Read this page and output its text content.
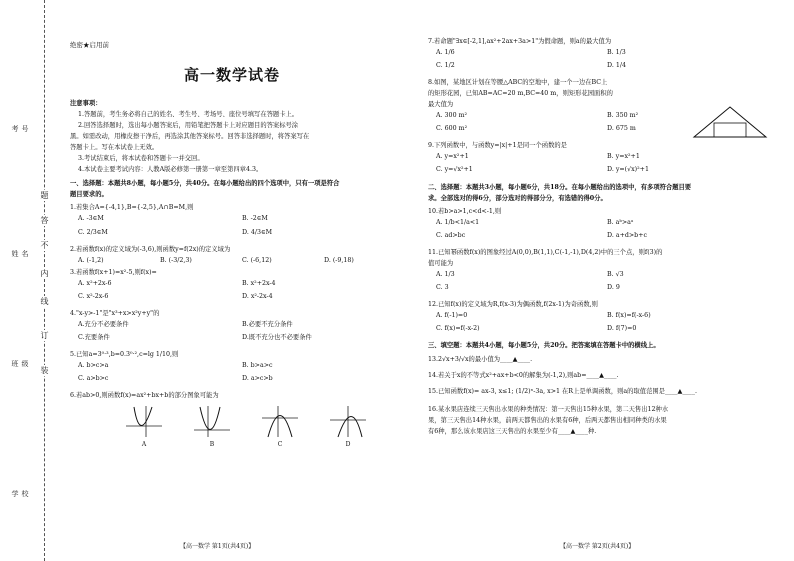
号
考
名
姓
级
班
校
学
题
答
不
内
线
订
装
绝密★启用前
高一数学试卷

注意事项：

1.答题前，考生务必将自己的姓名、考生号、考场号、座位号填写在答题卡上。

2.回答选择题时，选出每小题答案后，用铅笔把答题卡上对应题目的答案标号涂

黑。如需改动，用橡皮擦干净后，再选涂其他答案标号。回答非选择题时，将答案写在

答题卡上。写在本试卷上无效。

3.考试结束后，将本试卷和答题卡一并交回。

4.本试卷主要考试内容：人教A版必修第一册第一章至第四章4.3。

一、选择题：本题共8小题，每小题5分，共40分。在每小题给出的四个选项中，只有一项是符合

题目要求的。

1.若集合A={-4,1},B={-2,5},A∩B=M,则

A. -3∈M	B. -2∈M
C. 2/3∈M	D. 4/3∈M

2.若函数f(x)的定义域为(-3,6),则函数y=f(2x)的定义域为

A. (-1,2)	B. (-3/2,3)	C. (-6,12)	D. (-9,18)

3.若函数f(x+1)=x²-5,则f(x)=

A. x²+2x-6	B. x²+2x-4
C. x²-2x-6	D. x²-2x-4

4."x-y>-1"是"x³+x>x²y+y"的

A.充分不必要条件	B.必要不充分条件
C.充要条件	D.既不充分也不必要条件

5.已知a=3⁰·³,b=0.3⁰·²,c=lg 1/10,则

A. b>c>a	B. b>a>c
C. a>b>c	D. a>c>b

6.若ab>0,则函数f(x)=ax²+bx+b的部分图象可能为

A	B	C	D

7.若命题"∃x∈[-2,1],ax²+2ax+3a>1"为假命题，则a的最大值为

A. 1/6	B. 1/3
C. 1/2	D. 1/4

8.如图，某地区计划在等腰△ABC的空地中，建一个一边在BC上

的矩形花园，已知AB=AC=20 m,BC=40 m，则矩形花园面积的

最大值为

A. 300 m²	B. 350 m²
C. 600 m²	D. 675 m

9.下列函数中，与函数y=|x|+1是同一个函数的是

A. y=x²+1	B. y=x²+1
C. y=√x²+1	D. y=(√x)²+1

二、选择题：本题共3小题，每小题6分，共18分。在每小题给出的选项中，有多项符合题目要

求。全部选对的得6分，部分选对的得部分分，有选错的得0分。

10.若b>a>1,c<d<-1,则

A. 1/b<1/a<1	B. aᵇ>aᵃ
C. ad>bc	D. a+d>b+c

11.已知幂函数f(x)的图象经过A(0,0),B(1,1),C(-1,-1),D(4,2)中的三个点，则f(3)的

值可能为

A. 1/3	B. √3
C. 3	D. 9

12.已知f(x)的定义域为R,f(x-3)为偶函数,f(2x-1)为奇函数,则

A. f(-1)=0	B. f(x)=f(-x-6)
C. f(x)=f(-x-2)	D. f(7)=0

三、填空题：本题共4小题，每小题5分，共20分。把答案填在答题卡中的横线上。

13.2√x+3/√x的最小值为____▲____.

14.若关于x的不等式x²+ax+b<0的解集为(-1,2),则ab=____▲____.

15.已知函数f(x)= ax-3, x≤1; (1/2)ˣ-3a, x>1 在R上是单调函数，则a的取值范围是____▲____.

16.某水果店连续三天售出水果的种类情况：第一天售出15种水果，第二天售出12种水

果，第三天售出14种水果，前两天都售出的水果有6种，后两天都售出相同种类的水果

有6种，那么该水果店这三天售出的水果至少有____▲____种.

【高一数学 第1页(共4页)】	【高一数学 第2页(共4页)】
